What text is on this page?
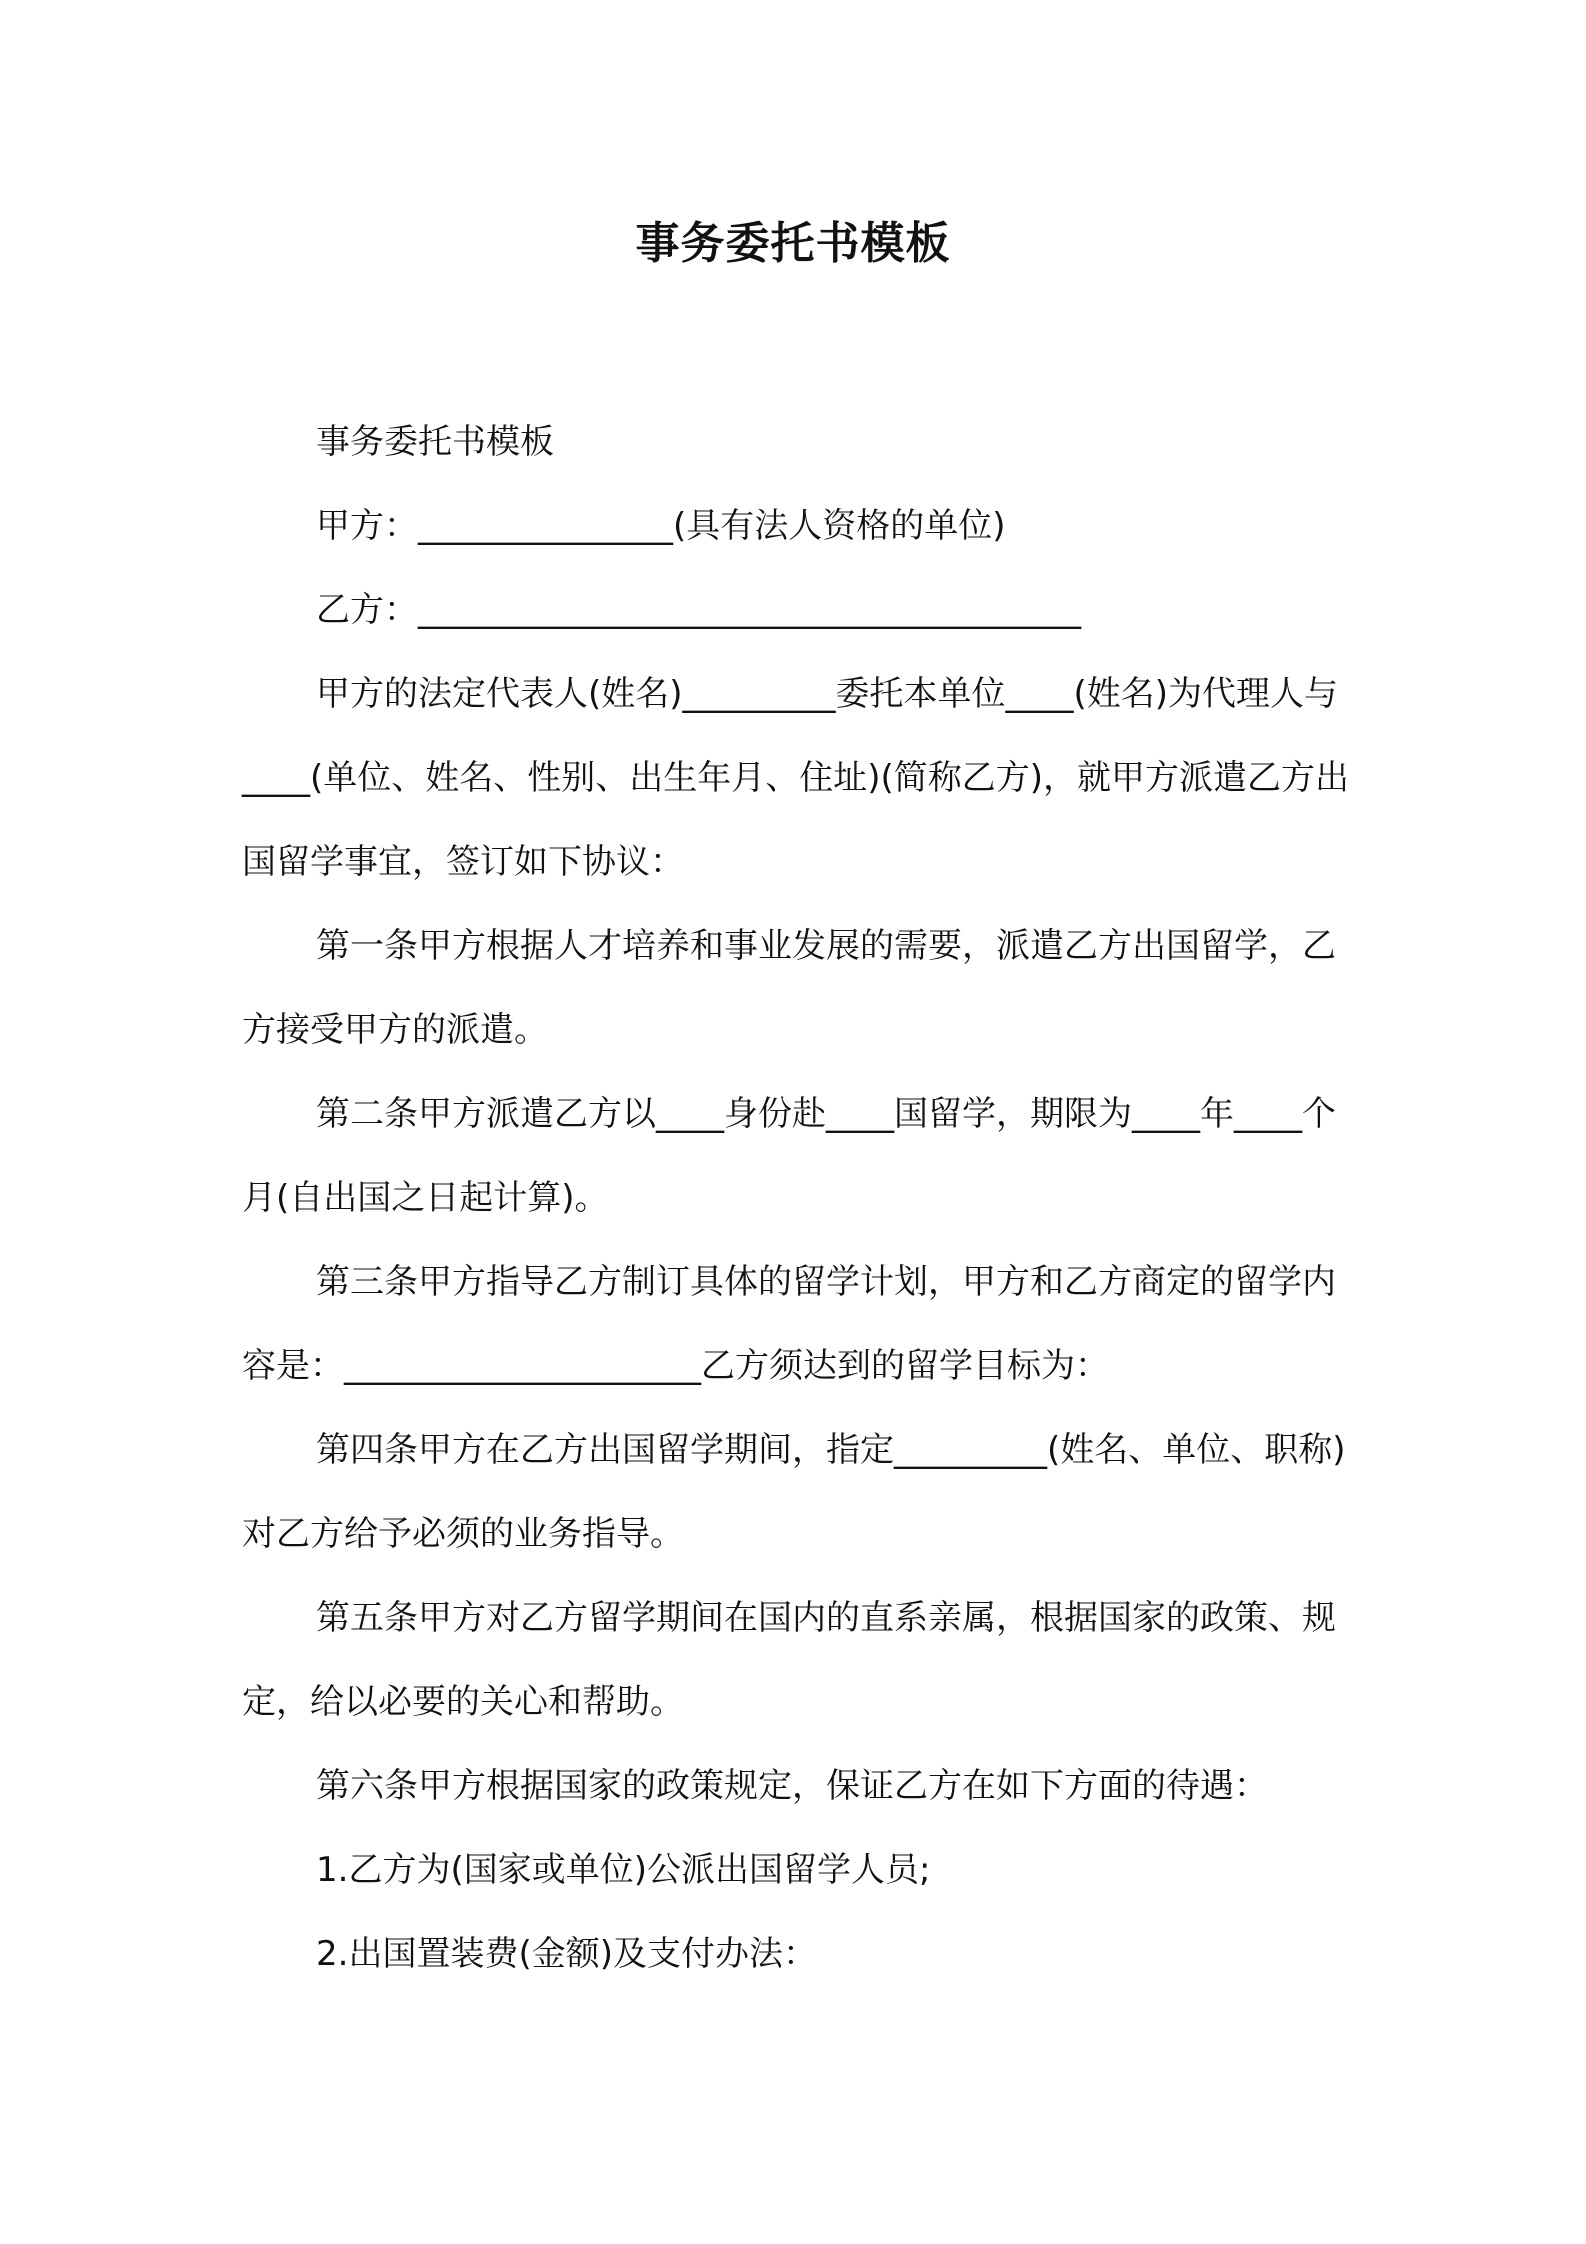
事务委托书模板

事务委托书模板

甲方：_______________(具有法人资格的单位)

乙方：_______________________________________

甲方的法定代表人(姓名)_________委托本单位____(姓名)为代理人与____(单位、姓名、性别、出生年月、住址)(简称乙方)，就甲方派遣乙方出国留学事宜，签订如下协议：

第一条甲方根据人才培养和事业发展的需要，派遣乙方出国留学，乙方接受甲方的派遣。

第二条甲方派遣乙方以____身份赴____国留学，期限为____年____个月(自出国之日起计算)。

第三条甲方指导乙方制订具体的留学计划，甲方和乙方商定的留学内容是：_____________________乙方须达到的留学目标为：

第四条甲方在乙方出国留学期间，指定_________(姓名、单位、职称)对乙方给予必须的业务指导。

第五条甲方对乙方留学期间在国内的直系亲属，根据国家的政策、规定，给以必要的关心和帮助。

第六条甲方根据国家的政策规定，保证乙方在如下方面的待遇：

1.乙方为(国家或单位)公派出国留学人员;

2.出国置装费(金额)及支付办法：
